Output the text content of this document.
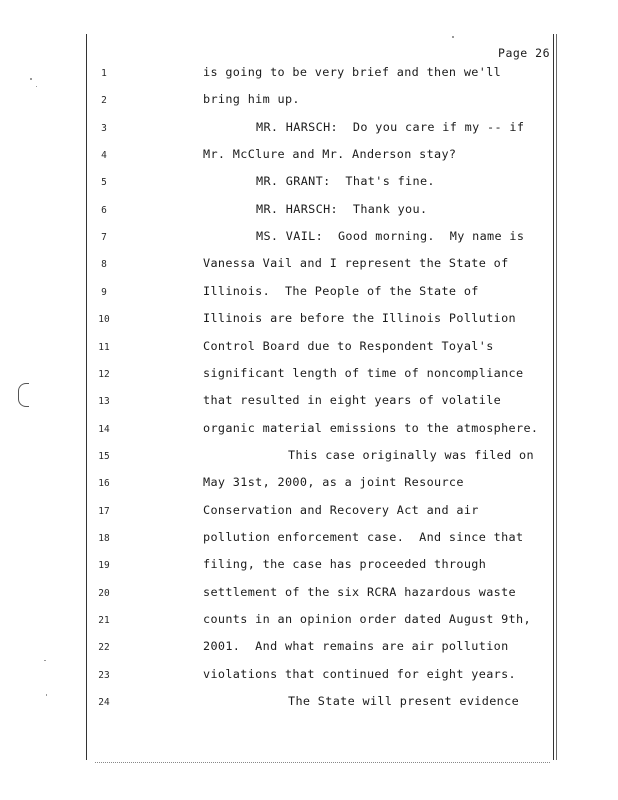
Page 26
1	is going to be very brief and then we'll
2	bring him up.
3	MR. HARSCH:  Do you care if my -- if
4	Mr. McClure and Mr. Anderson stay?
5	MR. GRANT:  That's fine.
6	MR. HARSCH:  Thank you.
7	MS. VAIL:  Good morning.  My name is
8	Vanessa Vail and I represent the State of
9	Illinois.  The People of the State of
10	Illinois are before the Illinois Pollution
11	Control Board due to Respondent Toyal's
12	significant length of time of noncompliance
13	that resulted in eight years of volatile
14	organic material emissions to the atmosphere.
15	This case originally was filed on
16	May 31st, 2000, as a joint Resource
17	Conservation and Recovery Act and air
18	pollution enforcement case.  And since that
19	filing, the case has proceeded through
20	settlement of the six RCRA hazardous waste
21	counts in an opinion order dated August 9th,
22	2001.  And what remains are air pollution
23	violations that continued for eight years.
24	The State will present evidence
